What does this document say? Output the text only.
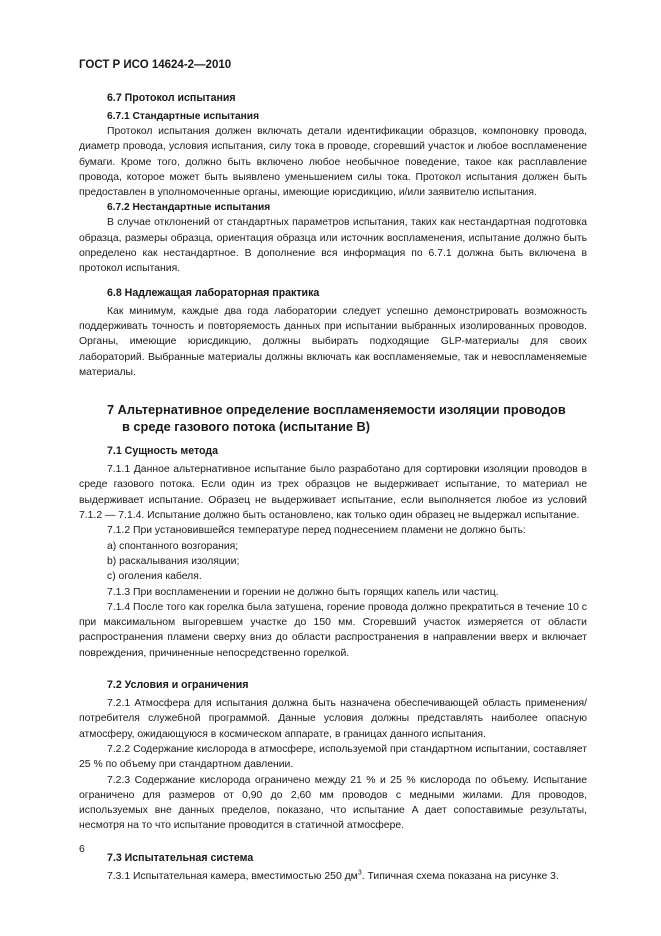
ГОСТ Р ИСО 14624-2—2010
6.7 Протокол испытания
6.7.1 Стандартные испытания

Протокол испытания должен включать детали идентификации образцов, компоновку провода, диаметр провода, условия испытания, силу тока в проводе, сгоревший участок и любое воспламенение бумаги. Кроме того, должно быть включено любое необычное поведение, такое как расплавление провода, которое может быть выявлено уменьшением силы тока. Протокол испытания должен быть предоставлен в уполномоченные органы, имеющие юрисдикцию, и/или заявителю испытания.

6.7.2 Нестандартные испытания

В случае отклонений от стандартных параметров испытания, таких как нестандартная подготовка образца, размеры образца, ориентация образца или источник воспламенения, испытание должно быть определено как нестандартное. В дополнение вся информация по 6.7.1 должна быть включена в протокол испытания.

6.8 Надлежащая лабораторная практика

Как минимум, каждые два года лаборатории следует успешно демонстрировать возможность поддерживать точность и повторяемость данных при испытании выбранных изолированных проводов. Органы, имеющие юрисдикцию, должны выбирать подходящие GLP-материалы для своих лабораторий. Выбранные материалы должны включать как воспламеняемые, так и невоспламеняемые материалы.

7 Альтернативное определение воспламеняемости изоляции проводов
в среде газового потока (испытание B)
7.1 Сущность метода

7.1.1 Данное альтернативное испытание было разработано для сортировки изоляции проводов в среде газового потока. Если один из трех образцов не выдерживает испытание, то материал не выдерживает испытание. Образец не выдерживает испытание, если выполняется любое из условий 7.1.2 — 7.1.4. Испытание должно быть остановлено, как только один образец не выдержал испытание.

7.1.2 При установившейся температуре перед поднесением пламени не должно быть:

a) спонтанного возгорания;
b) раскалывания изоляции;
c) оголения кабеля.

7.1.3 При воспламенении и горении не должно быть горящих капель или частиц.

7.1.4 После того как горелка была затушена, горение провода должно прекратиться в течение 10 с при максимальном выгоревшем участке до 150 мм. Сгоревший участок измеряется от области распространения пламени сверху вниз до области распространения в направлении вверх и включает повреждения, причиненные непосредственно горелкой.

7.2 Условия и ограничения

7.2.1 Атмосфера для испытания должна быть назначена обеспечивающей область применения/потребителя служебной программой. Данные условия должны представлять наиболее опасную атмосферу, ожидающуюся в космическом аппарате, в границах данного испытания.

7.2.2 Содержание кислорода в атмосфере, используемой при стандартном испытании, составляет 25 % по объему при стандартном давлении.

7.2.3 Содержание кислорода ограничено между 21 % и 25 % кислорода по объему. Испытание ограничено для размеров от 0,90 до 2,60 мм проводов с медными жилами. Для проводов, используемых вне данных пределов, показано, что испытание A дает сопоставимые результаты, несмотря на то что испытание проводится в статичной атмосфере.

7.3 Испытательная система

7.3.1 Испытательная камера, вместимостью 250 $дм^3$. Типичная схема показана на рисунке 3.

6
